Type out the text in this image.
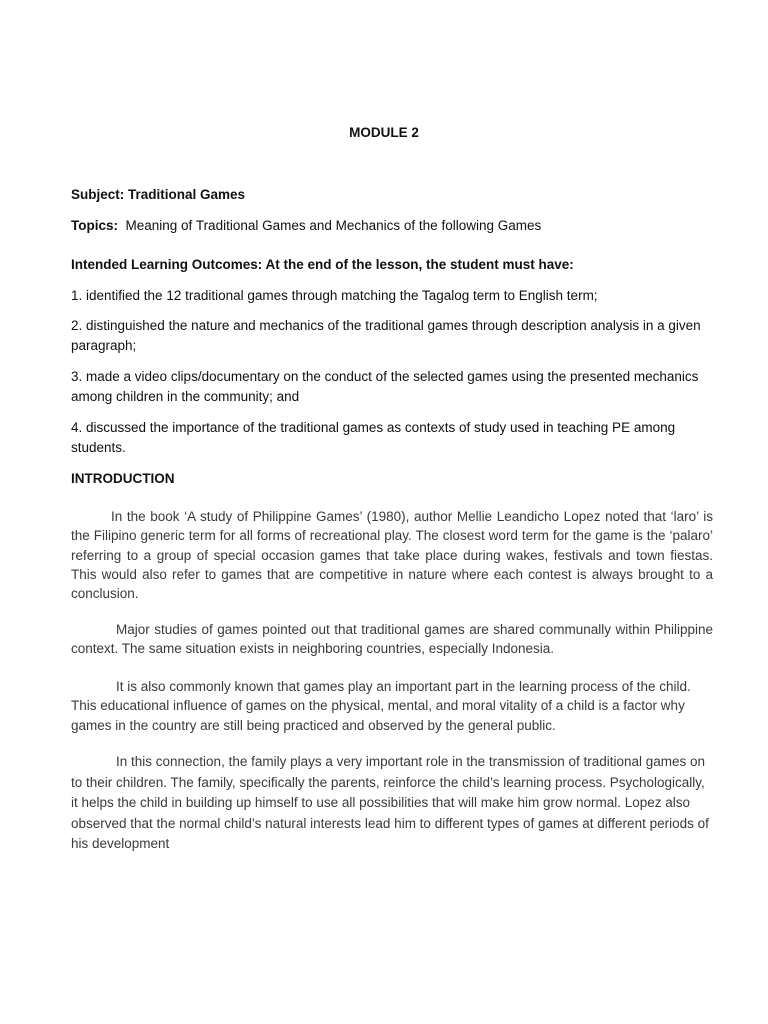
MODULE 2
Subject: Traditional Games
Topics: Meaning of Traditional Games and Mechanics of the following Games
Intended Learning Outcomes: At the end of the lesson, the student must have:
1. identified the 12 traditional games through matching the Tagalog term to English term;
2. distinguished the nature and mechanics of the traditional games through description analysis in a given paragraph;
3. made a video clips/documentary on the conduct of the selected games using the presented mechanics among children in the community; and
4. discussed the importance of the traditional games as contexts of study used in teaching PE among students.
INTRODUCTION
In the book ‘A study of Philippine Games’ (1980), author Mellie Leandicho Lopez noted that ‘laro’ is the Filipino generic term for all forms of recreational play. The closest word term for the game is the ‘palaro’ referring to a group of special occasion games that take place during wakes, festivals and town fiestas. This would also refer to games that are competitive in nature where each contest is always brought to a conclusion.
Major studies of games pointed out that traditional games are shared communally within Philippine context. The same situation exists in neighboring countries, especially Indonesia.
It is also commonly known that games play an important part in the learning process of the child. This educational influence of games on the physical, mental, and moral vitality of a child is a factor why games in the country are still being practiced and observed by the general public.
In this connection, the family plays a very important role in the transmission of traditional games on to their children. The family, specifically the parents, reinforce the child’s learning process. Psychologically, it helps the child in building up himself to use all possibilities that will make him grow normal. Lopez also observed that the normal child’s natural interests lead him to different types of games at different periods of his development
